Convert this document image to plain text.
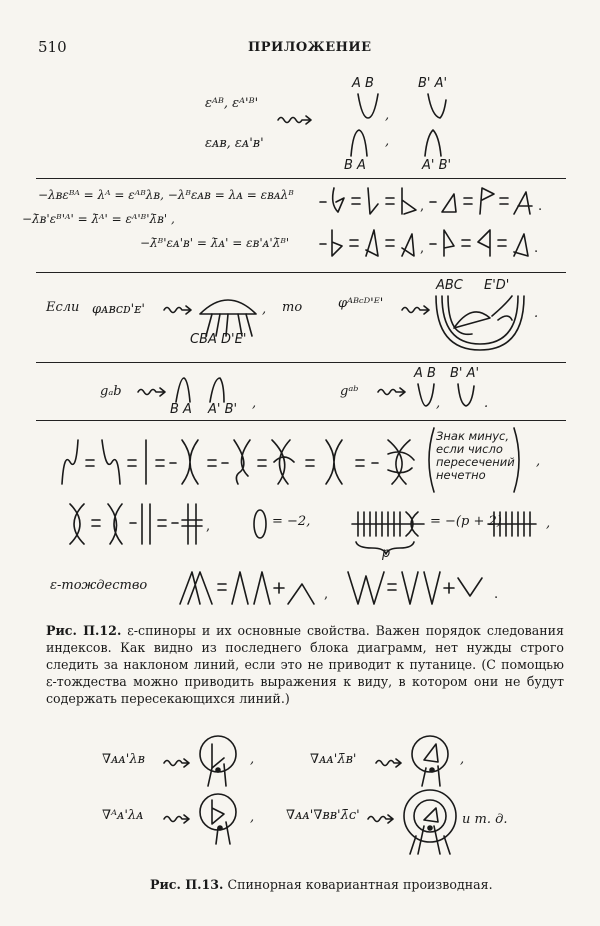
510	ПРИЛОЖЕНИЕ
εᴬᴮ, εᴬ'ᴮ'
εᴀʙ, εᴀ'ʙ'
A B	B' A'
,
,
B A	A' B'
−λʙεᴮᴬ = λᴬ = εᴬᴮλʙ, −λᴮεᴀʙ = λᴀ = εʙᴀλᴮ
−λ̄ʙ'εᴮ'ᴬ' = λ̄ᴬ' = εᴬ'ᴮ'λ̄ʙ' ,
−λ̄ᴮ'εᴀ'ʙ' = λ̄ᴀ' = εʙ'ᴀ'λ̄ᴮ'
,	.
,	.
Если φᴀʙᴄᴅ'ᴇ'
CBA D'E'
, то	φᴬᴮᶜᴰ'ᴱ'
ABC E'D'
.
gₐb
B A A' B' ,
gᵃᵇ
A B B' A'
,	.
Знак минус,
если число
пересечений
нечетно
,
,	= −2,
p
= −(p + 2)	,
ε-тождество
,	.
Рис. П.12. ε-спиноры и их основные свойства. Важен порядок следования индексов. Как видно из последнего блока диаграмм, нет нужды строго следить за наклоном линий, если это не приводит к путанице. (С помощью ε-тождества можно приводить выражения к виду, в котором они не будут содержать пересекающихся линий.)
∇ᴀᴀ'λʙ	,	∇ᴀᴀ'λ̄ʙ'	,
∇ᴬᴀ'λᴀ	, ∇ᴀᴀ'∇ʙʙ'λ̄ᴄ'	и т. д.
Рис. П.13. Спинорная ковариантная производная.
